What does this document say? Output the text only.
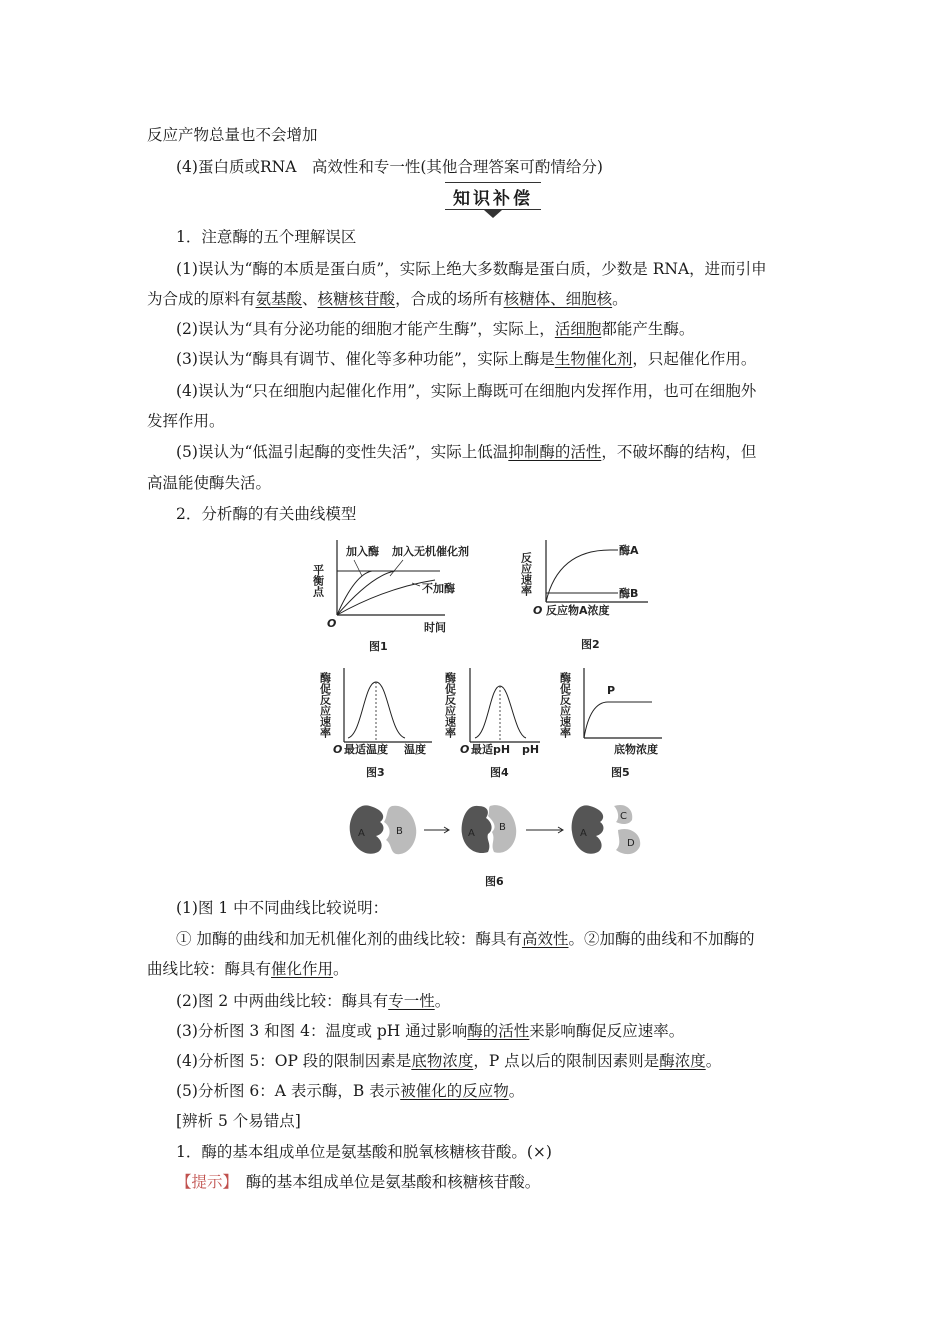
反应产物总量也不会增加
(4)蛋白质或RNA　高效性和专一性(其他合理答案可酌情给分)
知识补偿
1．注意酶的五个理解误区
(1)误认为“酶的本质是蛋白质”，实际上绝大多数酶是蛋白质，少数是 RNA，进而引申
为合成的原料有氨基酸、核糖核苷酸，合成的场所有核糖体、细胞核。
(2)误认为“具有分泌功能的细胞才能产生酶”，实际上，活细胞都能产生酶。
(3)误认为“酶具有调节、催化等多种功能”，实际上酶是生物催化剂，只起催化作用。
(4)误认为“只在细胞内起催化作用”，实际上酶既可在细胞内发挥作用，也可在细胞外
发挥作用。
(5)误认为“低温引起酶的变性失活”，实际上低温抑制酶的活性，不破坏酶的结构，但
高温能使酶失活。
2．分析酶的有关曲线模型
平衡点
加入酶 加入无机催化剂
不加酶
O	时间
图1
反应速率
酶A
酶B
O 反应物A浓度
图2
酶促反应速率
O 最适温度 温度
图3
酶促反应速率
O 最适pH pH
图4
酶促反应速率	P
底物浓度
图5
A	B	A
B
A
C
D
图6
(1)图 1 中不同曲线比较说明：
① 加酶的曲线和加无机催化剂的曲线比较：酶具有高效性。②加酶的曲线和不加酶的
曲线比较：酶具有催化作用。
(2)图 2 中两曲线比较：酶具有专一性。
(3)分析图 3 和图 4：温度或 pH 通过影响酶的活性来影响酶促反应速率。
(4)分析图 5：OP 段的限制因素是底物浓度，P 点以后的限制因素则是酶浓度。
(5)分析图 6：A 表示酶，B 表示被催化的反应物。
[辨析 5 个易错点]
1．酶的基本组成单位是氨基酸和脱氧核糖核苷酸。(×)
【提示】　酶的基本组成单位是氨基酸和核糖核苷酸。
